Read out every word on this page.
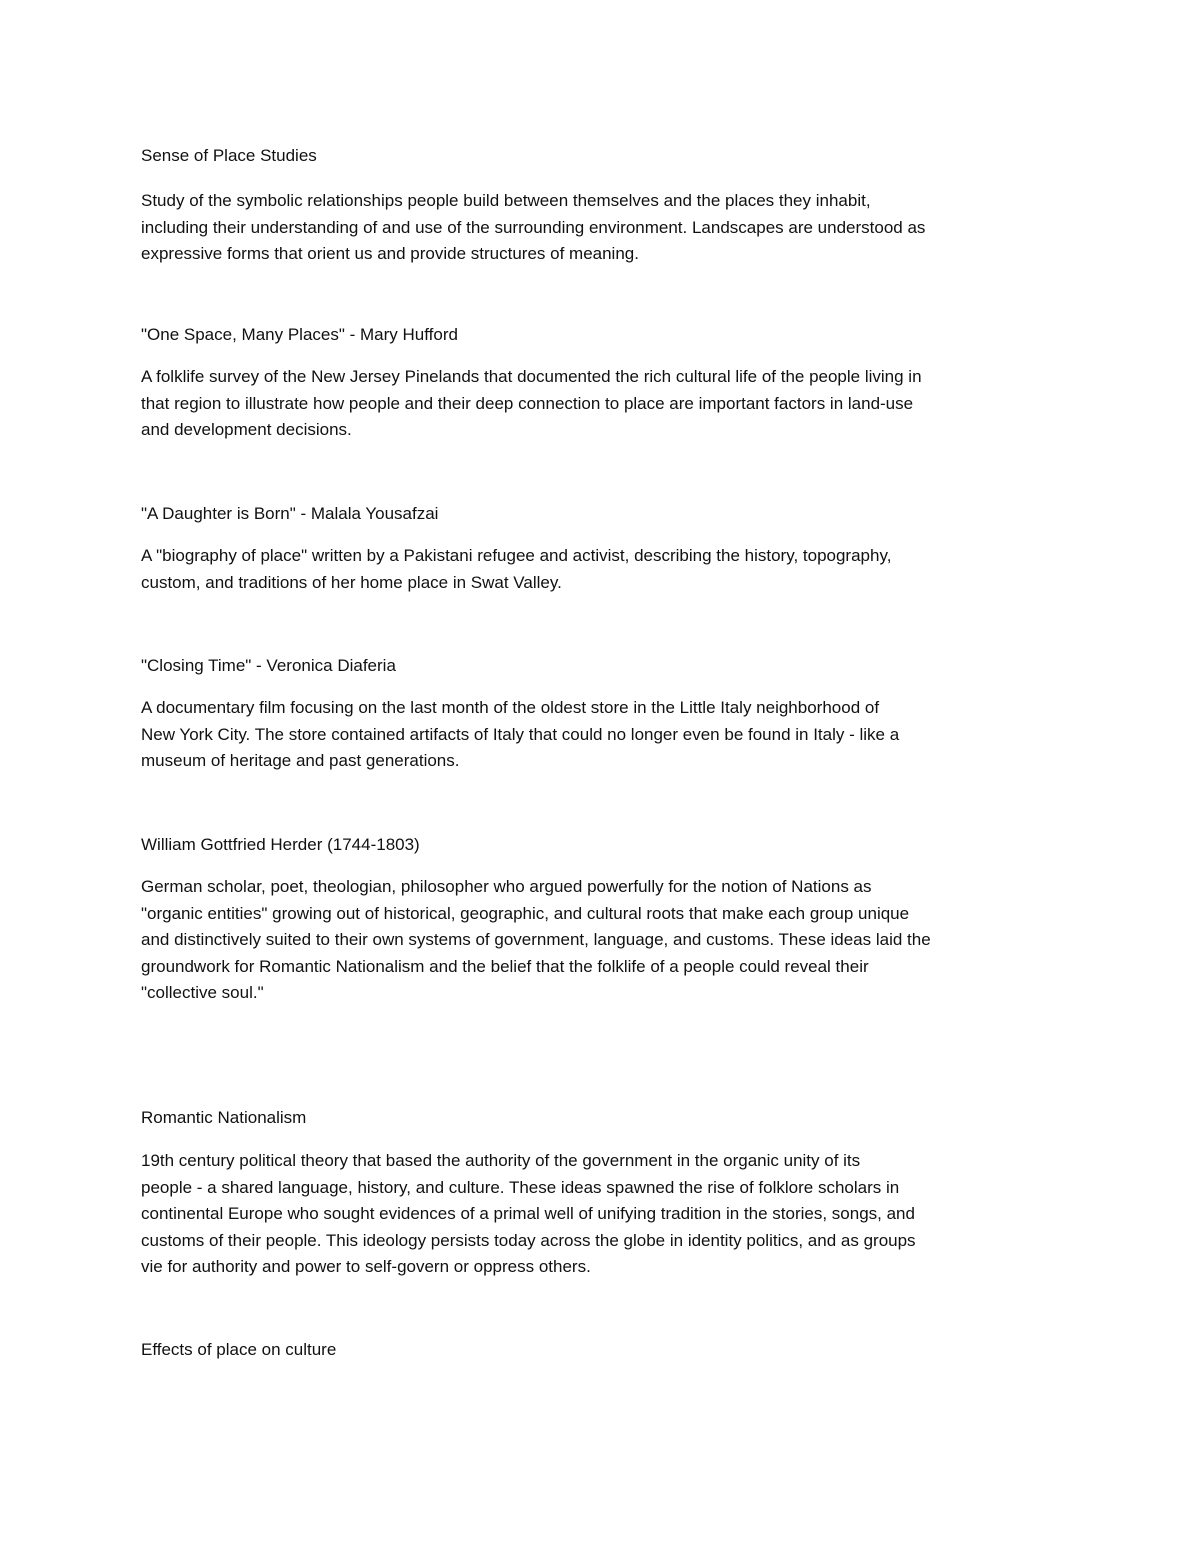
Sense of Place Studies

Study of the symbolic relationships people build between themselves and the places they inhabit,
including their understanding of and use of the surrounding environment. Landscapes are understood as
expressive forms that orient us and provide structures of meaning.

"One Space, Many Places" - Mary Hufford

A folklife survey of the New Jersey Pinelands that documented the rich cultural life of the people living in
that region to illustrate how people and their deep connection to place are important factors in land-use
and development decisions.

"A Daughter is Born" - Malala Yousafzai

A "biography of place" written by a Pakistani refugee and activist, describing the history, topography,
custom, and traditions of her home place in Swat Valley.

"Closing Time" - Veronica Diaferia

A documentary film focusing on the last month of the oldest store in the Little Italy neighborhood of
New York City. The store contained artifacts of Italy that could no longer even be found in Italy - like a
museum of heritage and past generations.

William Gottfried Herder (1744-1803)

German scholar, poet, theologian, philosopher who argued powerfully for the notion of Nations as
"organic entities" growing out of historical, geographic, and cultural roots that make each group unique
and distinctively suited to their own systems of government, language, and customs. These ideas laid the
groundwork for Romantic Nationalism and the belief that the folklife of a people could reveal their
"collective soul."

Romantic Nationalism

19th century political theory that based the authority of the government in the organic unity of its
people - a shared language, history, and culture. These ideas spawned the rise of folklore scholars in
continental Europe who sought evidences of a primal well of unifying tradition in the stories, songs, and
customs of their people. This ideology persists today across the globe in identity politics, and as groups
vie for authority and power to self-govern or oppress others.

Effects of place on culture
